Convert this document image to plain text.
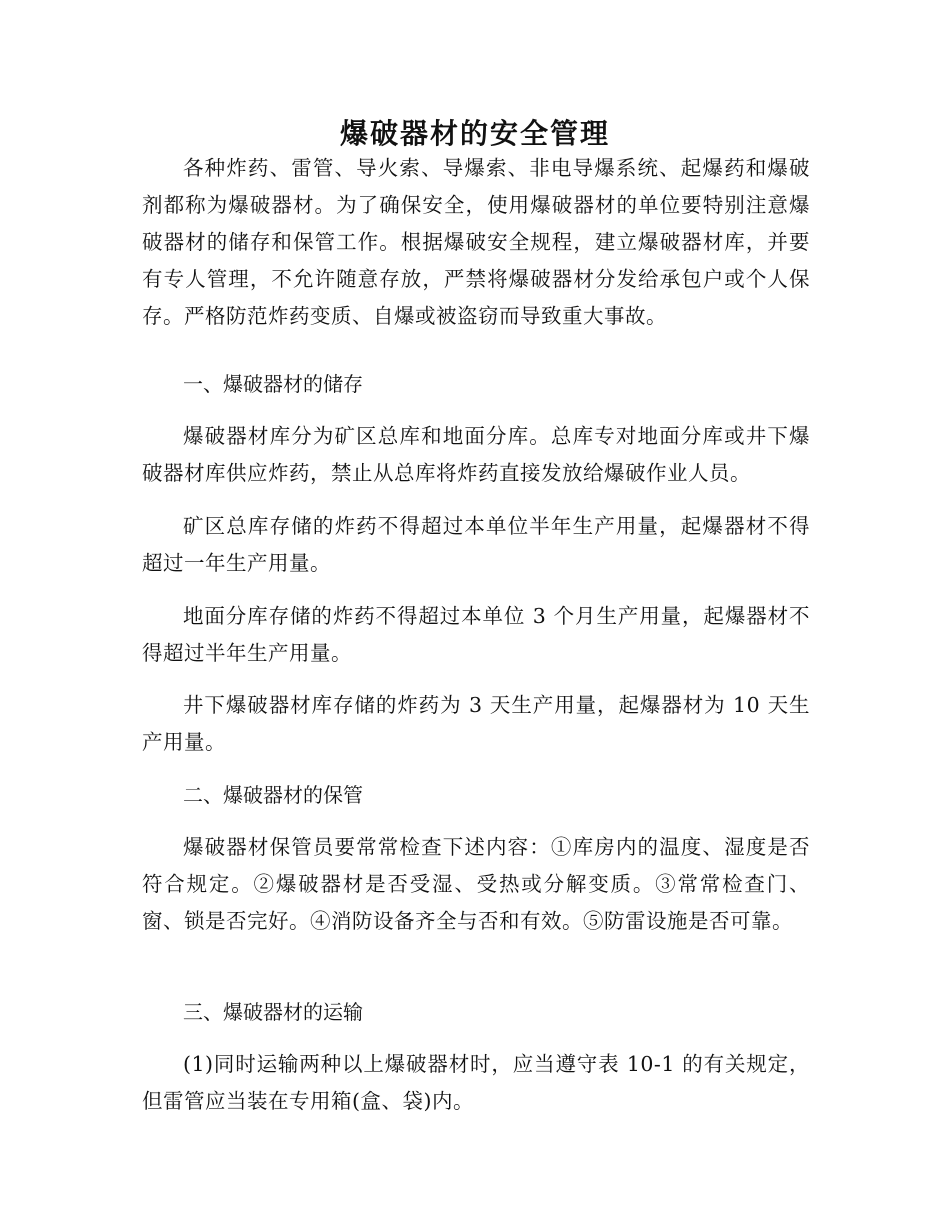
爆破器材的安全管理

各种炸药、雷管、导火索、导爆索、非电导爆系统、起爆药和爆破剂都称为爆破器材。为了确保安全，使用爆破器材的单位要特别注意爆破器材的储存和保管工作。根据爆破安全规程，建立爆破器材库，并要有专人管理，不允许随意存放，严禁将爆破器材分发给承包户或个人保存。严格防范炸药变质、自爆或被盗窃而导致重大事故。

一、爆破器材的储存

爆破器材库分为矿区总库和地面分库。总库专对地面分库或井下爆破器材库供应炸药，禁止从总库将炸药直接发放给爆破作业人员。

矿区总库存储的炸药不得超过本单位半年生产用量，起爆器材不得超过一年生产用量。

地面分库存储的炸药不得超过本单位 3 个月生产用量，起爆器材不得超过半年生产用量。

井下爆破器材库存储的炸药为 3 天生产用量，起爆器材为 10 天生产用量。

二、爆破器材的保管

爆破器材保管员要常常检查下述内容：①库房内的温度、湿度是否符合规定。②爆破器材是否受湿、受热或分解变质。③常常检查门、窗、锁是否完好。④消防设备齐全与否和有效。⑤防雷设施是否可靠。

三、爆破器材的运输

(1)同时运输两种以上爆破器材时，应当遵守表 10-1 的有关规定，但雷管应当装在专用箱(盒、袋)内。
